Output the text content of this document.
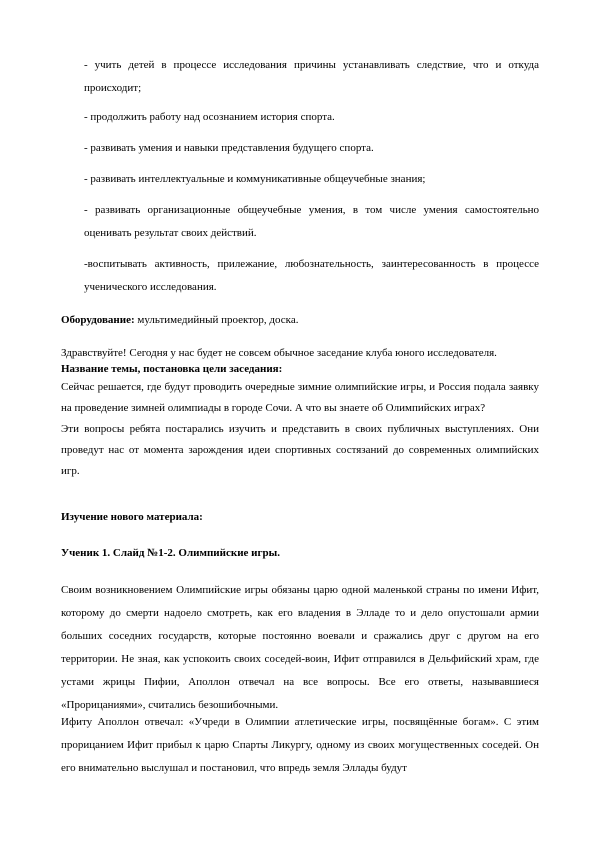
- учить детей в процессе исследования причины устанавливать следствие, что и откуда происходит;

- продолжить работу над осознанием история спорта.

- развивать умения и навыки представления будущего спорта.

- развивать интеллектуальные и коммуникативные общеучебные знания;

- развивать организационные общеучебные умения, в том числе умения самостоятельно оценивать результат своих действий.

-воспитывать активность, прилежание, любознательность, заинтересованность в процессе ученического исследования.

Оборудование: мультимедийный проектор, доска.

Здравствуйте! Сегодня у нас будет не совсем обычное заседание клуба юного исследователя.
Название темы, постановка цели заседания:
Сейчас решается, где будут проводить очередные зимние олимпийские игры, и Россия подала заявку на проведение зимней олимпиады в городе Сочи. А что вы знаете об Олимпийских играх?
Эти вопросы ребята постарались изучить и представить в своих публичных выступлениях. Они проведут нас от момента зарождения идеи спортивных состязаний до современных олимпийских игр.

Изучение нового материала:

Ученик 1. Слайд №1-2. Олимпийские игры.

Своим возникновением Олимпийские игры обязаны царю одной маленькой страны по имени Ифит, которому до смерти надоело смотреть, как его владения в Элладе то и дело опустошали армии больших соседних государств, которые постоянно воевали и сражались друг с другом на его территории. Не зная, как успокоить своих соседей-воин, Ифит отправился в Дельфийский храм, где устами жрицы Пифии, Аполлон отвечал на все вопросы. Все его ответы, называвшиеся «Прорицаниями», считались безошибочными.

Ифиту Аполлон отвечал: «Учреди в Олимпии атлетические игры, посвящённые богам». С этим прорицанием Ифит прибыл к царю Спарты Ликургу, одному из своих могущественных соседей. Он его внимательно выслушал и постановил, что впредь земля Эллады будут
